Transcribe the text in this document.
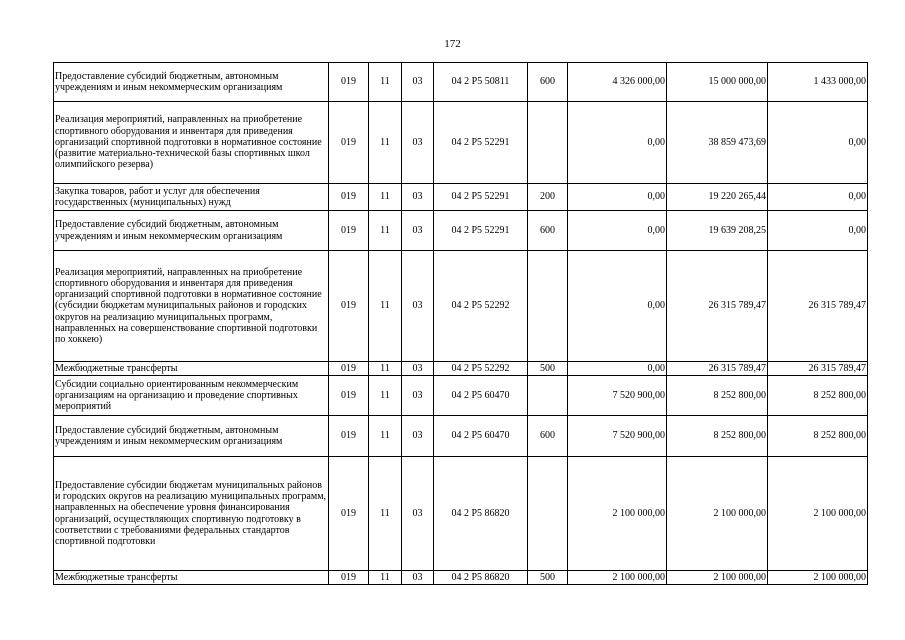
172
Предоставление субсидий бюджетным, автономным учреждениям и иным некоммерческим организациям	019	11	03	04 2 P5 50811	600	4 326 000,00	15 000 000,00	1 433 000,00
Реализация мероприятий, направленных на приобретение спортивного оборудования и инвентаря для приведения организаций спортивной подготовки в нормативное состояние (развитие материально-технической базы спортивных школ олимпийского резерва)	019	11	03	04 2 P5 52291		0,00	38 859 473,69	0,00
Закупка товаров, работ и услуг для обеспечения государственных (муниципальных) нужд	019	11	03	04 2 P5 52291	200	0,00	19 220 265,44	0,00
Предоставление субсидий бюджетным, автономным учреждениям и иным некоммерческим организациям	019	11	03	04 2 P5 52291	600	0,00	19 639 208,25	0,00
Реализация мероприятий, направленных на приобретение спортивного оборудования и инвентаря для приведения организаций спортивной подготовки в нормативное состояние (субсидии бюджетам муниципальных районов и городских округов на реализацию муниципальных программ, направленных на совершенствование спортивной подготовки по хоккею)	019	11	03	04 2 P5 52292		0,00	26 315 789,47	26 315 789,47
Межбюджетные трансферты	019	11	03	04 2 P5 52292	500	0,00	26 315 789,47	26 315 789,47
Субсидии социально ориентированным некоммерческим организациям на организацию и проведение спортивных мероприятий	019	11	03	04 2 P5 60470		7 520 900,00	8 252 800,00	8 252 800,00
Предоставление субсидий бюджетным, автономным учреждениям и иным некоммерческим организациям	019	11	03	04 2 P5 60470	600	7 520 900,00	8 252 800,00	8 252 800,00
Предоставление субсидии бюджетам муниципальных районов и городских округов на реализацию муниципальных программ, направленных на обеспечение уровня финансирования организаций, осуществляющих спортивную подготовку в соответствии с требованиями федеральных стандартов спортивной подготовки	019	11	03	04 2 P5 86820		2 100 000,00	2 100 000,00	2 100 000,00
Межбюджетные трансферты	019	11	03	04 2 P5 86820	500	2 100 000,00	2 100 000,00	2 100 000,00
